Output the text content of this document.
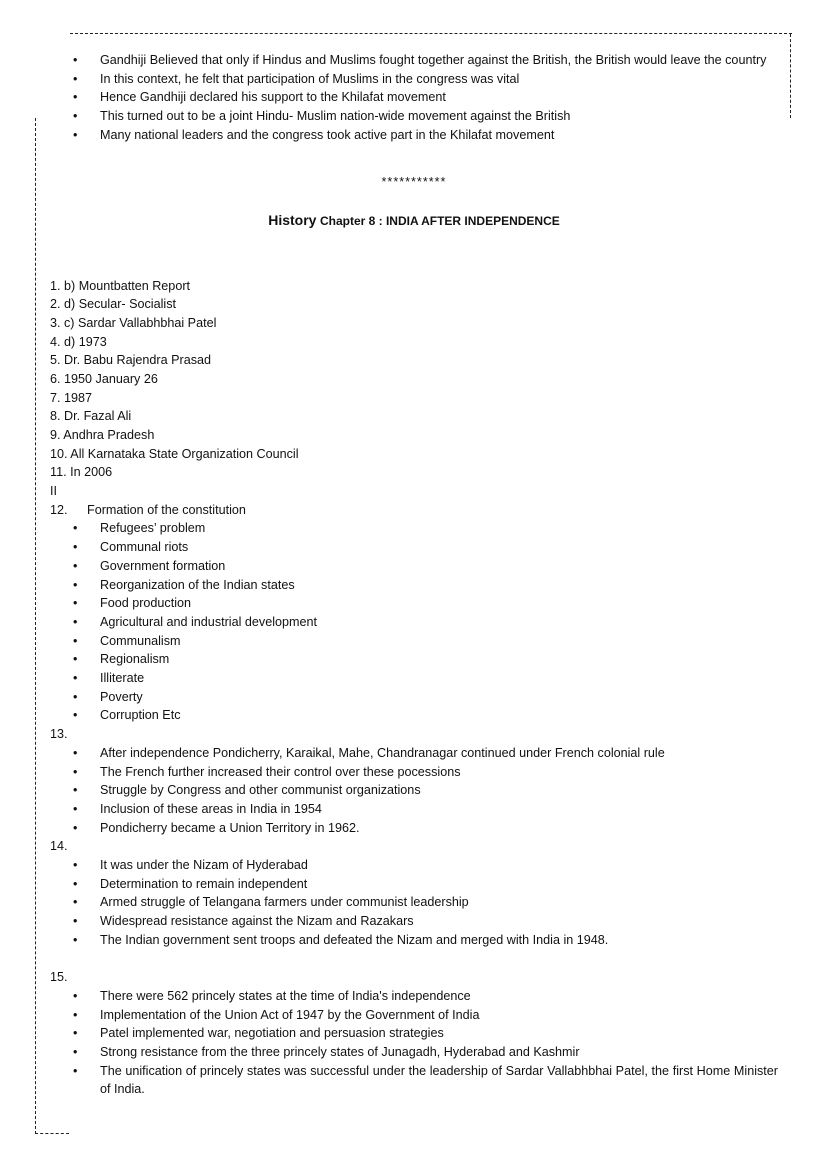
• Gandhiji Believed that only if Hindus and Muslims fought together against the British, the British would leave the country
• In this context, he felt that participation of Muslims in the congress was vital
• Hence Gandhiji declared his support to the Khilafat movement
• This turned out to be a joint Hindu- Muslim nation-wide movement against the British
• Many national leaders and the congress took active part in the Khilafat movement
***********
History Chapter 8 : INDIA AFTER INDEPENDENCE
1. b) Mountbatten Report
2. d) Secular- Socialist
3. c) Sardar Vallabhbhai Patel
4. d) 1973
5. Dr. Babu Rajendra Prasad
6. 1950 January 26
7. 1987
8. Dr. Fazal Ali
9. Andhra Pradesh
10. All Karnataka State Organization Council
11. In 2006
II
12. Formation of the constitution
• Refugees’ problem
• Communal riots
• Government formation
• Reorganization of the Indian states
• Food production
• Agricultural and industrial development
• Communalism
• Regionalism
• Illiterate
• Poverty
• Corruption Etc
13.
• After independence Pondicherry, Karaikal, Mahe, Chandranagar continued under French colonial rule
• The French further increased their control over these pocessions
• Struggle by Congress and other communist organizations
• Inclusion of these areas in India in 1954
• Pondicherry became a Union Territory in 1962.
14.
• It was under the Nizam of Hyderabad
• Determination to remain independent
• Armed struggle of Telangana farmers under communist leadership
• Widespread resistance against the Nizam and Razakars
• The Indian government sent troops and defeated the Nizam and merged with India in 1948.
15.
• There were 562 princely states at the time of India's independence
• Implementation of the Union Act of 1947 by the Government of India
• Patel implemented war, negotiation and persuasion strategies
• Strong resistance from the three princely states of Junagadh, Hyderabad and Kashmir
• The unification of princely states was successful under the leadership of Sardar Vallabhbhai Patel, the first Home Minister of India.
